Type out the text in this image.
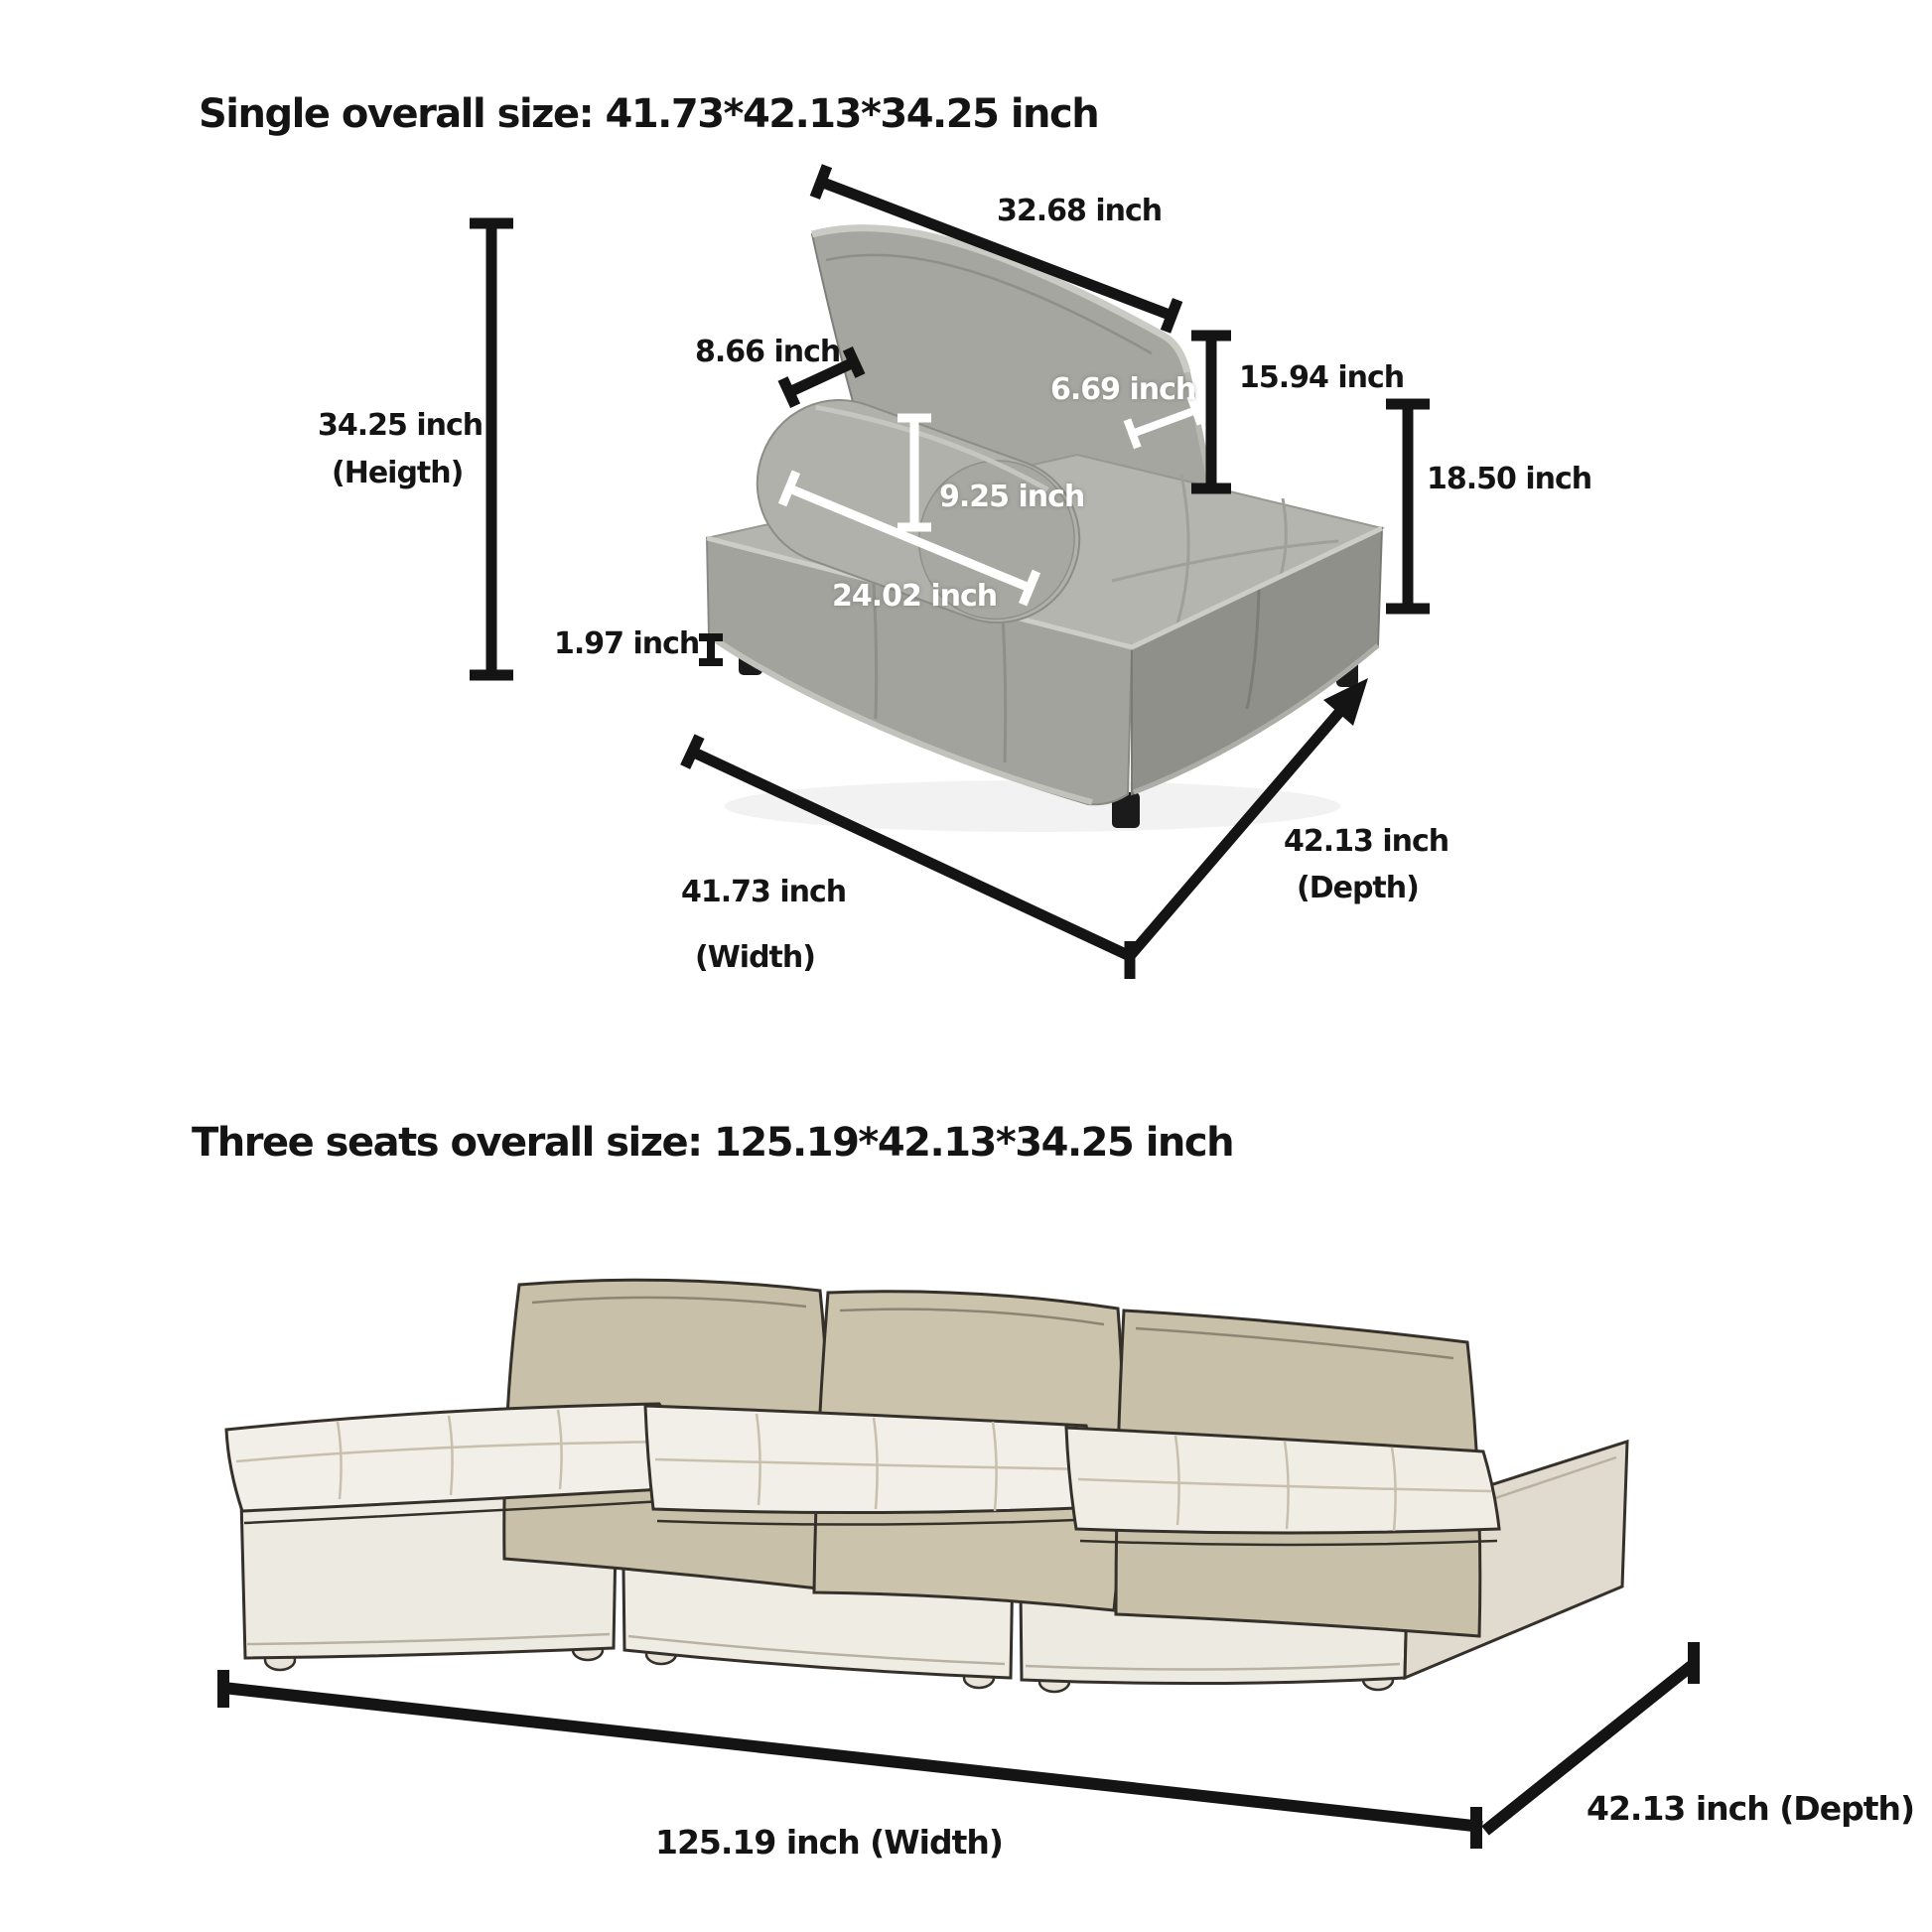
Single overall size: 41.73*42.13*34.25 inch
32.68 inch
8.66 inch
15.94 inch
6.69 inch
9.25 inch
24.02 inch
1.97 inch
34.25 inch
(Heigth)	18.50 inch
41.73 inch
(Width)
42.13 inch
(Depth)
Three seats overall size: 125.19*42.13*34.25 inch
125.19 inch (Width)
42.13 inch (Depth)
